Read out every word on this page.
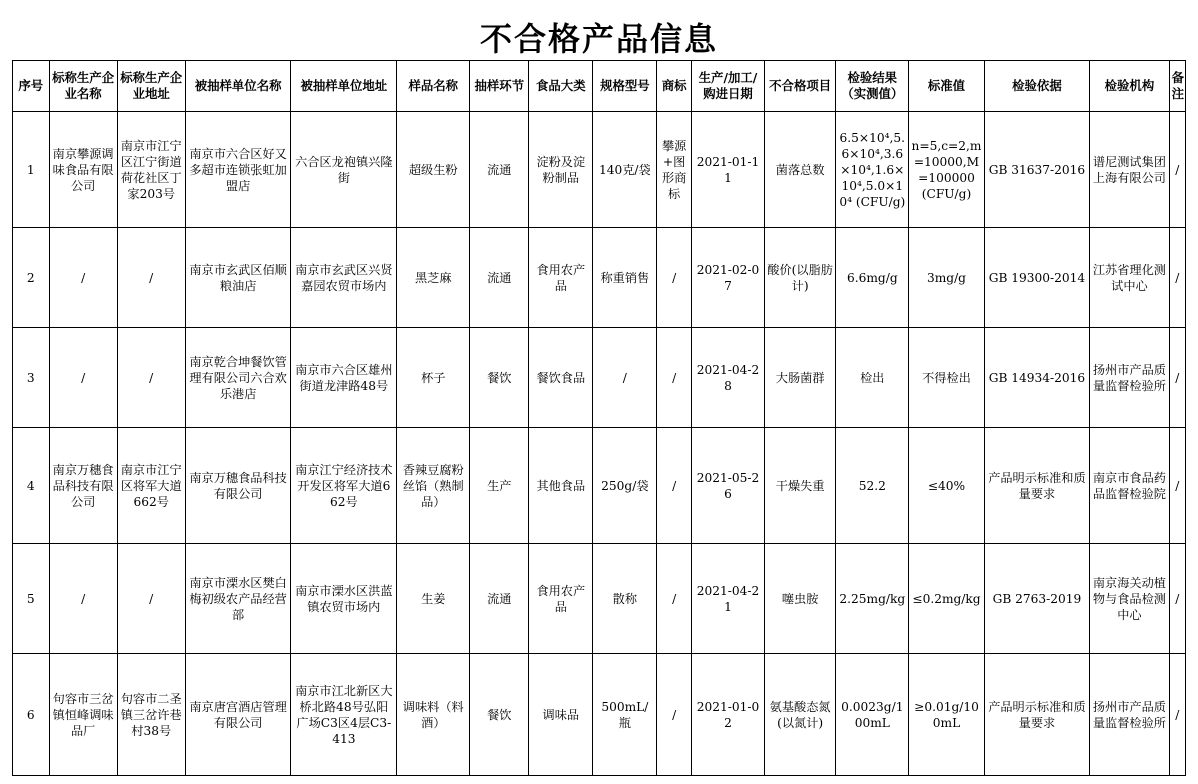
不合格产品信息
序号	标称生产企业名称	标称生产企业地址	被抽样单位名称	被抽样单位地址	样品名称	抽样环节	食品大类	规格型号	商标	生产/加工/购进日期	不合格项目	检验结果（实测值）	标准值	检验依据	检验机构	备注
1	南京攀源调味食品有限公司	南京市江宁区江宁街道荷花社区丁家203号	南京市六合区好又多超市连锁张虹加盟店	六合区龙袍镇兴隆街	超级生粉	流通	淀粉及淀粉制品	140克/袋	攀源+图形商标	2021-01-11	菌落总数	6.5×10⁴,5.6×10⁴,3.6×10⁴,1.6×10⁴,5.0×10⁴ (CFU/g)	n=5,c=2,m=10000,M=100000 (CFU/g)	GB 31637-2016	谱尼测试集团上海有限公司	/
2	/	/	南京市玄武区佰顺粮油店	南京市玄武区兴贤嘉园农贸市场内	黑芝麻	流通	食用农产品	称重销售	/	2021-02-07	酸价(以脂肪计)	6.6mg/g	3mg/g	GB 19300-2014	江苏省理化测试中心	/
3	/	/	南京乾合坤餐饮管理有限公司六合欢乐港店	南京市六合区雄州街道龙津路48号	杯子	餐饮	餐饮食品	/	/	2021-04-28	大肠菌群	检出	不得检出	GB 14934-2016	扬州市产品质量监督检验所	/
4	南京万穗食品科技有限公司	南京市江宁区将军大道662号	南京万穗食品科技有限公司	南京江宁经济技术开发区将军大道662号	香辣豆腐粉丝馅（熟制品）	生产	其他食品	250g/袋	/	2021-05-26	干燥失重	52.2	≤40%	产品明示标准和质量要求	南京市食品药品监督检验院	/
5	/	/	南京市溧水区樊白梅初级农产品经营部	南京市溧水区洪蓝镇农贸市场内	生姜	流通	食用农产品	散称	/	2021-04-21	噻虫胺	2.25mg/kg	≤0.2mg/kg	GB 2763-2019	南京海关动植物与食品检测中心	/
6	句容市三岔镇恒峰调味品厂	句容市二圣镇三岔许巷村38号	南京唐宫酒店管理有限公司	南京市江北新区大桥北路48号弘阳广场C3区4层C3-413	调味料（料酒）	餐饮	调味品	500mL/瓶	/	2021-01-02	氨基酸态氮(以氮计)	0.0023g/100mL	≥0.01g/100mL	产品明示标准和质量要求	扬州市产品质量监督检验所	/
